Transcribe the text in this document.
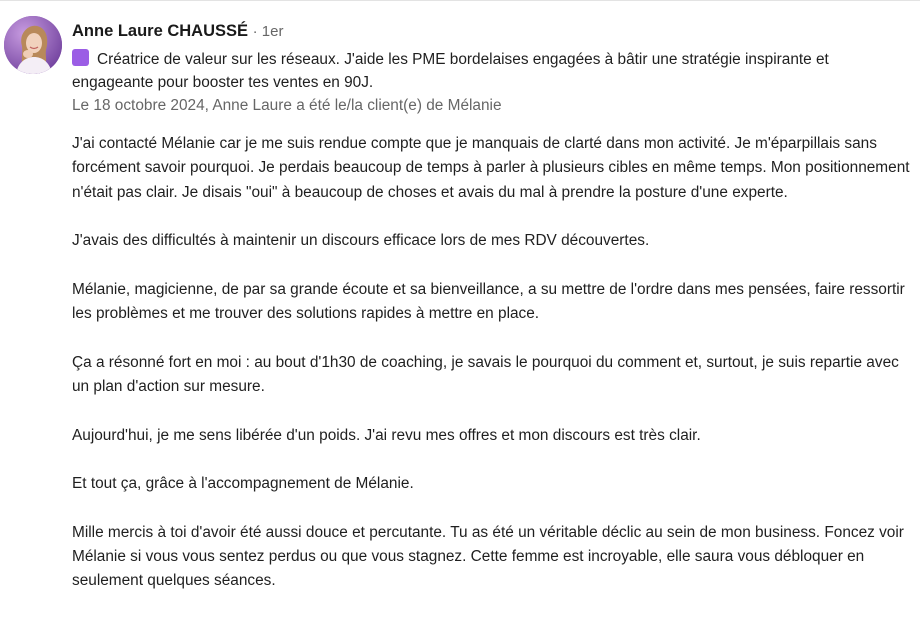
Anne Laure CHAUSSÉ · 1er
Créatrice de valeur sur les réseaux. J'aide les PME bordelaises engagées à bâtir une stratégie inspirante et engageante pour booster tes ventes en 90J.
Le 18 octobre 2024, Anne Laure a été le/la client(e) de Mélanie

J'ai contacté Mélanie car je me suis rendue compte que je manquais de clarté dans mon activité. Je m'éparpillais sans forcément savoir pourquoi. Je perdais beaucoup de temps à parler à plusieurs cibles en même temps. Mon positionnement n'était pas clair. Je disais "oui" à beaucoup de choses et avais du mal à prendre la posture d'une experte.

J'avais des difficultés à maintenir un discours efficace lors de mes RDV découvertes.

Mélanie, magicienne, de par sa grande écoute et sa bienveillance, a su mettre de l'ordre dans mes pensées, faire ressortir les problèmes et me trouver des solutions rapides à mettre en place.

Ça a résonné fort en moi : au bout d'1h30 de coaching, je savais le pourquoi du comment et, surtout, je suis repartie avec un plan d'action sur mesure.

Aujourd'hui, je me sens libérée d'un poids. J'ai revu mes offres et mon discours est très clair.

Et tout ça, grâce à l'accompagnement de Mélanie.

Mille mercis à toi d'avoir été aussi douce et percutante. Tu as été un véritable déclic au sein de mon business. Foncez voir Mélanie si vous vous sentez perdus ou que vous stagnez. Cette femme est incroyable, elle saura vous débloquer en seulement quelques séances.
